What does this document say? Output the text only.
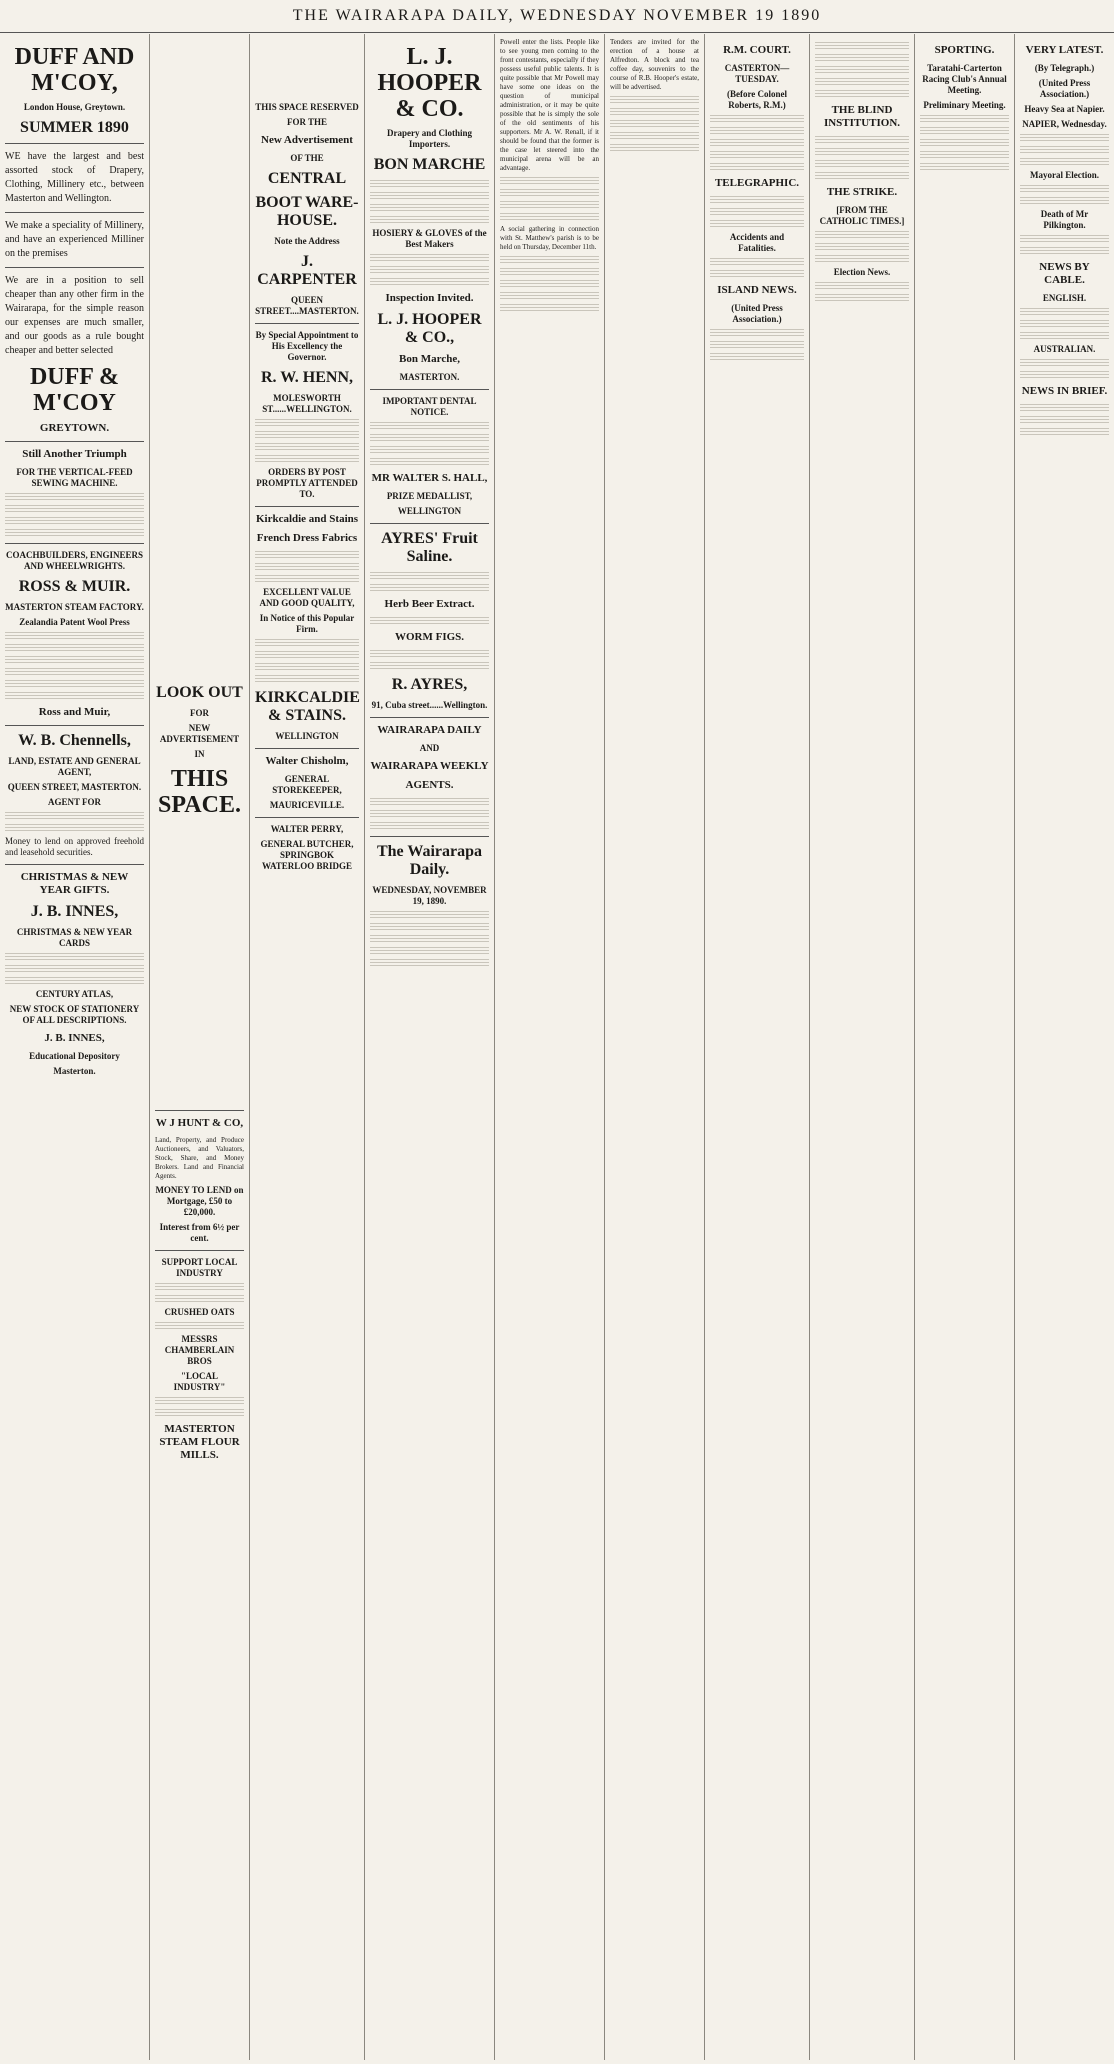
THE WAIRARAPA DAILY, WEDNESDAY NOVEMBER 19 1890
DUFF AND M'COY,
London House, Greytown.
SUMMER 1890

WE have the largest and best assorted stock of Drapery, Clothing, Millinery etc., between Masterton and Wellington.

We make a speciality of Millinery, and have an experienced Milliner on the premises

We are in a position to sell cheaper than any other firm in the Wairarapa, for the simple reason our expenses are much smaller, and our goods as a rule bought cheaper and better selected

DUFF & M'COY
GREYTOWN.
Still Another Triumph
FOR THE VERTICAL-FEED SEWING MACHINE.
COACHBUILDERS, ENGINEERS AND WHEELWRIGHTS.
ROSS & MUIR.
MASTERTON STEAM FACTORY.
Zealandia Patent Wool Press
Ross and Muir,
W. B. Chennells,
LAND, ESTATE AND GENERAL AGENT,
QUEEN STREET, MASTERTON.
AGENT FOR

Money to lend on approved freehold and leasehold securities.

CHRISTMAS & NEW YEAR GIFTS.
J. B. INNES,
CHRISTMAS & NEW YEAR CARDS
CENTURY ATLAS,
NEW STOCK OF STATIONERY OF ALL DESCRIPTIONS.
J. B. INNES,
Educational Depository
Masterton.
LOOK OUT
FOR
NEW ADVERTISEMENT
IN
THIS SPACE.
W J HUNT & CO,

Land, Property, and Produce Auctioneers, and Valuators, Stock, Share, and Money Brokers. Land and Financial Agents.

MONEY TO LEND on Mortgage, £50 to £20,000.
Interest from 6½ per cent.
SUPPORT LOCAL INDUSTRY
CRUSHED OATS
MESSRS CHAMBERLAIN BROS
"LOCAL INDUSTRY"
MASTERTON STEAM FLOUR MILLS.
THIS SPACE RESERVED
FOR THE
New Advertisement
OF THE
CENTRAL
BOOT WARE-HOUSE.
Note the Address
J. CARPENTER
QUEEN STREET....MASTERTON.
By Special Appointment to His Excellency the Governor.
R. W. HENN,
MOLESWORTH ST......WELLINGTON.
ORDERS BY POST PROMPTLY ATTENDED TO.
Kirkcaldie and Stains
French Dress Fabrics
EXCELLENT VALUE AND GOOD QUALITY,
In Notice of this Popular Firm.
KIRKCALDIE & STAINS.
WELLINGTON
Walter Chisholm,
GENERAL STOREKEEPER,
MAURICEVILLE.
WALTER PERRY,
GENERAL BUTCHER, SPRINGBOK WATERLOO BRIDGE
L. J. HOOPER & CO.
Drapery and Clothing Importers.
BON MARCHE
HOSIERY & GLOVES of the Best Makers
Inspection Invited.
L. J. HOOPER & CO.,
Bon Marche,
MASTERTON.
IMPORTANT DENTAL NOTICE.
MR WALTER S. HALL,
PRIZE MEDALLIST,
WELLINGTON
AYRES' Fruit Saline.
Herb Beer Extract.
WORM FIGS.
R. AYRES,
91, Cuba street......Wellington.
WAIRARAPA DAILY
AND
WAIRARAPA WEEKLY
AGENTS.
The Wairarapa Daily.
WEDNESDAY, NOVEMBER 19, 1890.

Powell enter the lists. People like to see young men coming to the front contestants, especially if they possess useful public talents. It is quite possible that Mr Powell may have some one ideas on the question of municipal administration, or it may be quite possible that he is simply the sole of the old sentiments of his supporters. Mr A. W. Renall, if it should be found that the former is the case let steered into the municipal arena will be an advantage.

A social gathering in connection with St. Matthew's parish is to be held on Thursday, December 11th.

Tenders are invited for the erection of a house at Alfredton. A block and tea coffee day, souvenirs to the course of R.B. Hooper's estate, will be advertised.

R.M. COURT.
CASTERTON—TUESDAY.
(Before Colonel Roberts, R.M.)
TELEGRAPHIC.
Accidents and Fatalities.
ISLAND NEWS.
(United Press Association.)
THE BLIND INSTITUTION.
THE STRIKE.
[FROM THE CATHOLIC TIMES.]
Election News.
SPORTING.
Taratahi-Carterton Racing Club's Annual Meeting.
Preliminary Meeting.
VERY LATEST.
(By Telegraph.)
(United Press Association.)
Heavy Sea at Napier.
NAPIER, Wednesday.
Mayoral Election.
Death of Mr Pilkington.
NEWS BY CABLE.
ENGLISH.
AUSTRALIAN.
NEWS IN BRIEF.
